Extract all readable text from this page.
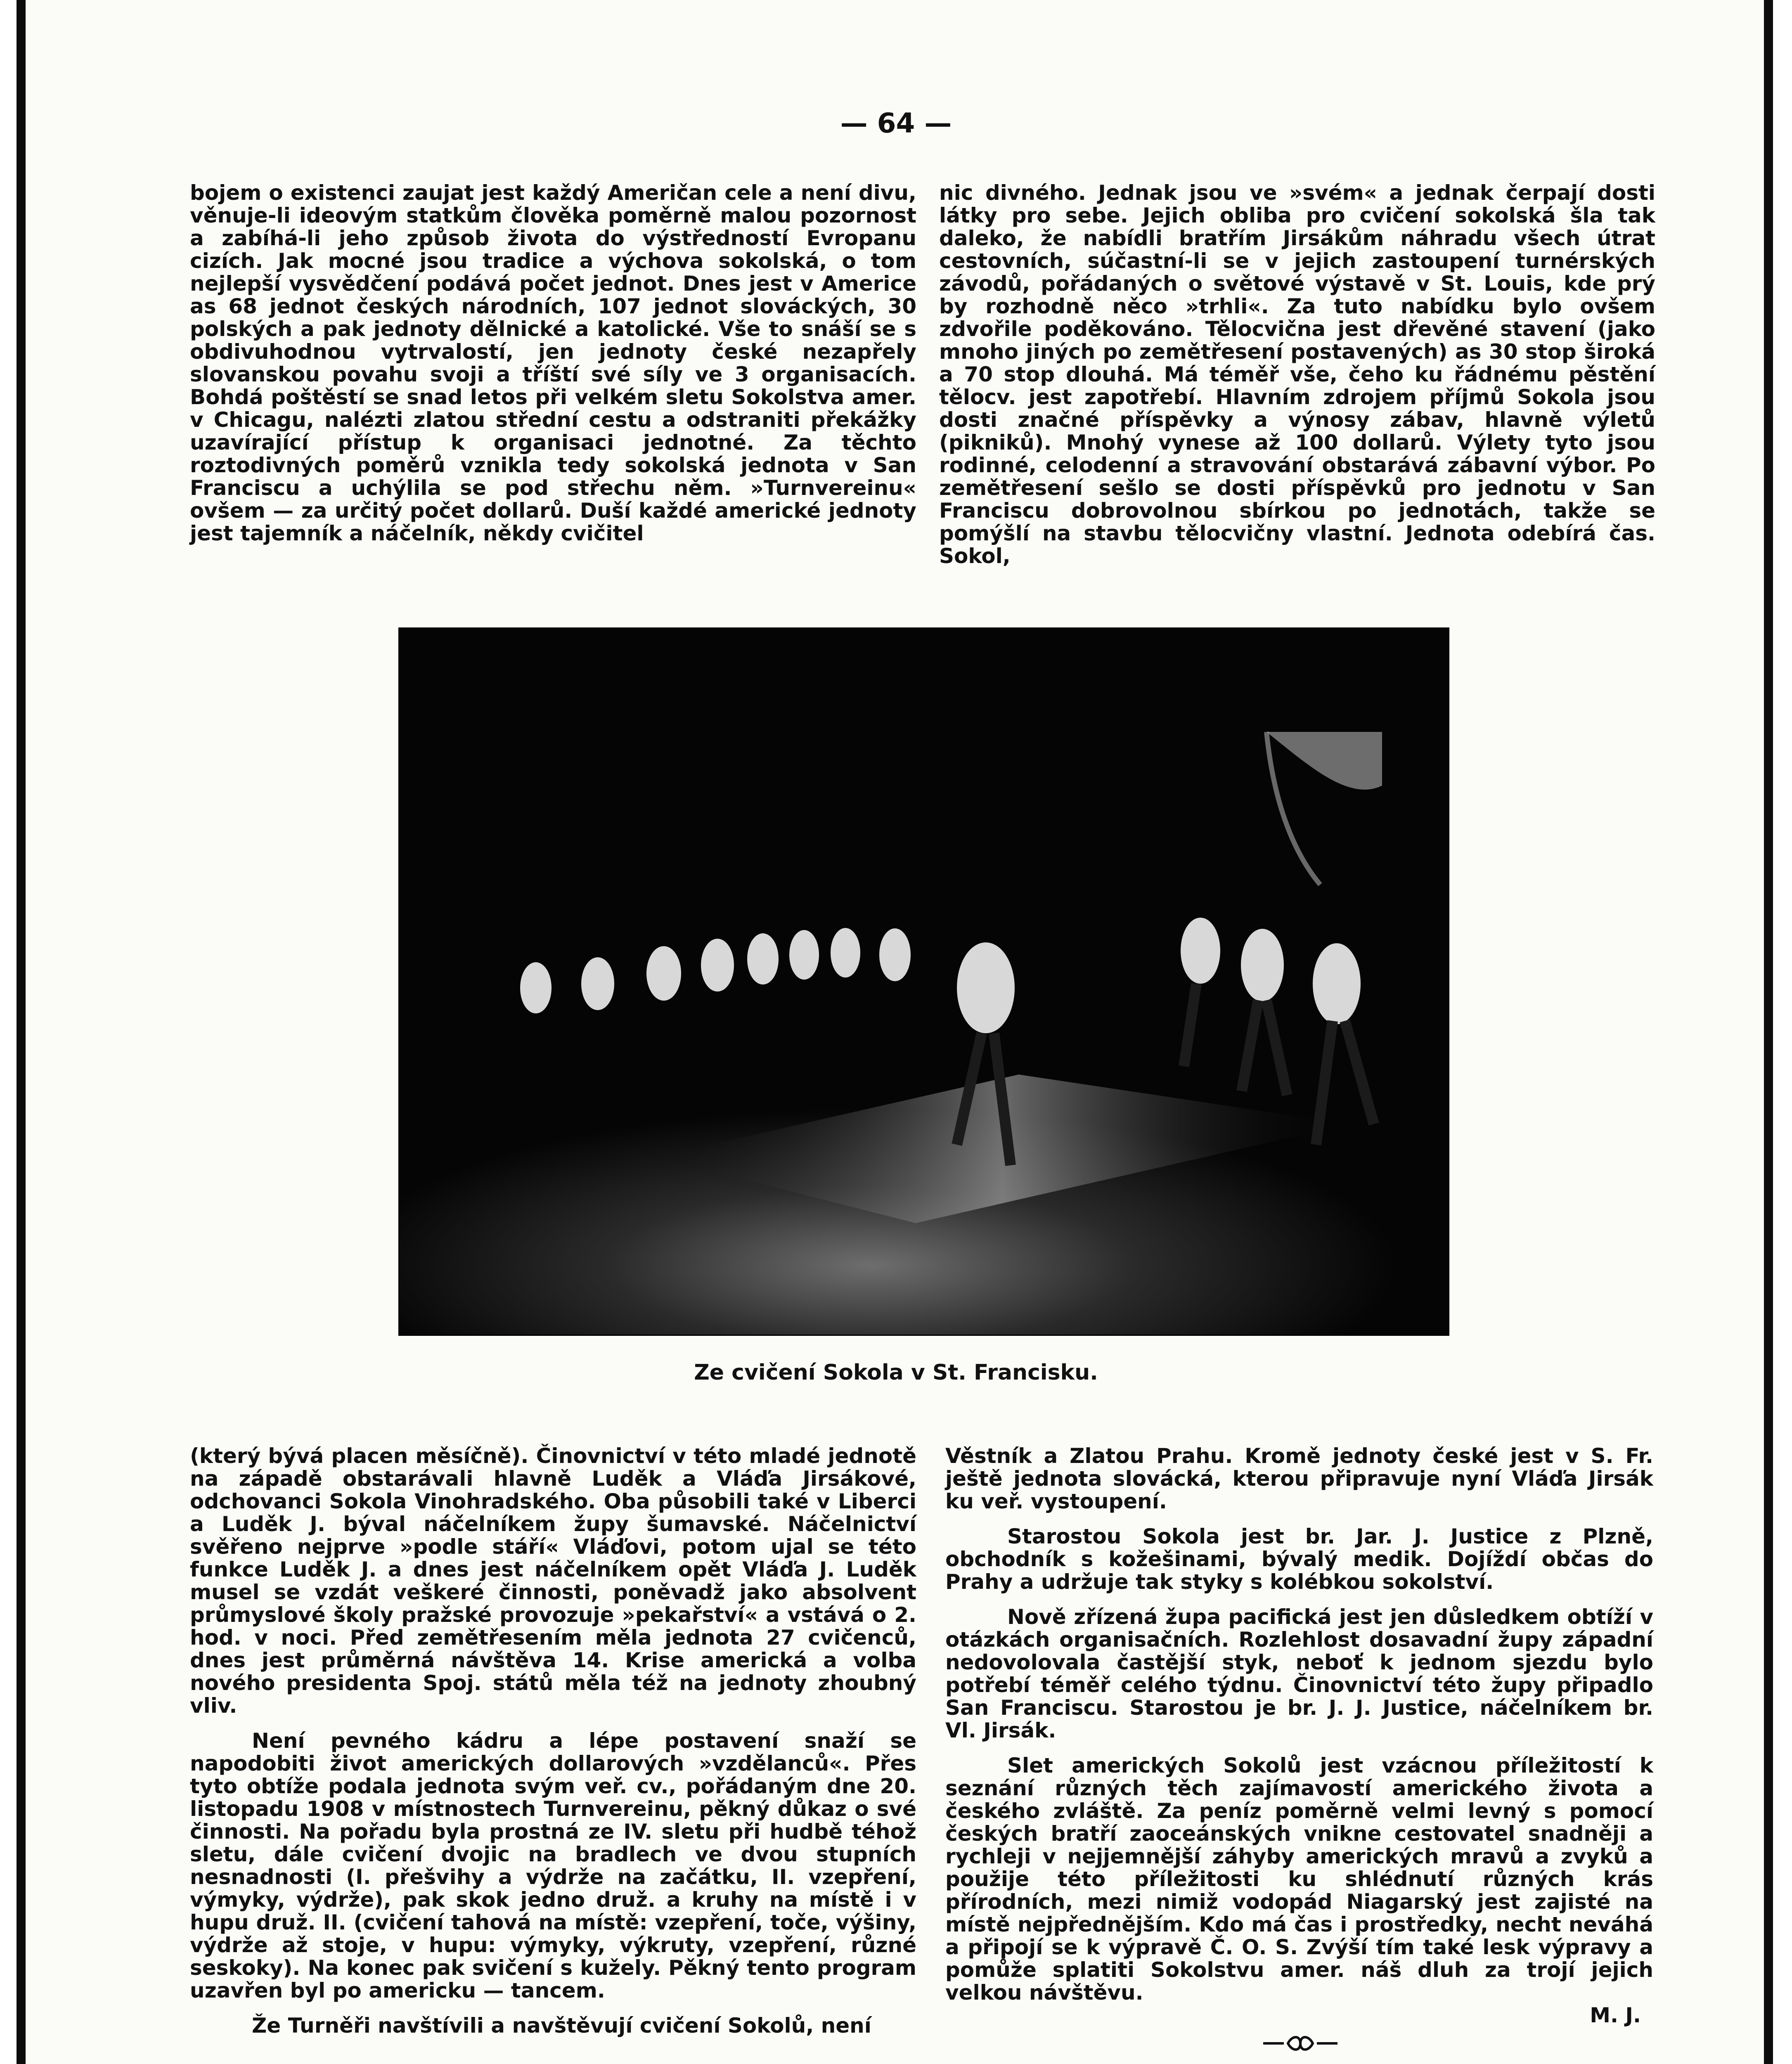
— 64 —

bojem o existenci zaujat jest každý Američan cele a není divu, věnuje-li ideovým statkům člověka poměrně malou pozornost a zabíhá-li jeho způsob života do výstředností Evropanu cizích. Jak mocné jsou tradice a výchova sokolská, o tom nejlepší vysvědčení podává počet jednot. Dnes jest v Americe as 68 jednot českých národních, 107 jednot slováckých, 30 polských a pak jednoty dělnické a katolické. Vše to snáší se s obdivuhodnou vytrvalostí, jen jednoty české nezapřely slovanskou povahu svoji a tříští své síly ve 3 organisacích. Bohdá poštěstí se snad letos při velkém sletu Sokolstva amer. v Chicagu, nalézti zlatou střední cestu a odstraniti překážky uzavírající přístup k organisaci jednotné. Za těchto roztodivných poměrů vznikla tedy sokolská jednota v San Franciscu a uchýlila se pod střechu něm. »Turnvereinu« ovšem — za určitý počet dollarů. Duší každé americké jednoty jest tajemník a náčelník, někdy cvičitel

nic divného. Jednak jsou ve »svém« a jednak čerpají dosti látky pro sebe. Jejich obliba pro cvičení sokolská šla tak daleko, že nabídli bratřím Jirsákům náhradu všech útrat cestovních, súčastní-li se v jejich zastoupení turnérských závodů, pořádaných o světové výstavě v St. Louis, kde prý by rozhodně něco »trhli«. Za tuto nabídku bylo ovšem zdvořile poděkováno. Tělocvična jest dřevěné stavení (jako mnoho jiných po zemětřesení postavených) as 30 stop široká a 70 stop dlouhá. Má téměř vše, čeho ku řádnému pěstění tělocv. jest zapotřebí. Hlavním zdrojem příjmů Sokola jsou dosti značné příspěvky a výnosy zábav, hlavně výletů (pikniků). Mnohý vynese až 100 dollarů. Výlety tyto jsou rodinné, celodenní a stravování obstarává zábavní výbor. Po zemětřesení sešlo se dosti příspěvků pro jednotu v San Franciscu dobrovolnou sbírkou po jednotách, takže se pomýšlí na stavbu tělocvičny vlastní. Jednota odebírá čas. Sokol,

Ze cvičení Sokola v St. Francisku.

(který bývá placen měsíčně). Činovnictví v této mladé jednotě na západě obstarávali hlavně Luděk a Vláďa Jirsákové, odchovanci Sokola Vinohradského. Oba působili také v Liberci a Luděk J. býval náčelníkem župy šumavské. Náčelnictví svěřeno nejprve »podle stáří« Vláďovi, potom ujal se této funkce Luděk J. a dnes jest náčelníkem opět Vláďa J. Luděk musel se vzdát veškeré činnosti, poněvadž jako absolvent průmyslové školy pražské provozuje »pekařství« a vstává o 2. hod. v noci. Před zemětřesením měla jednota 27 cvičenců, dnes jest průměrná návštěva 14. Krise americká a volba nového presidenta Spoj. států měla též na jednoty zhoubný vliv.

Není pevného kádru a lépe postavení snaží se napodobiti život amerických dollarových »vzdělanců«. Přes tyto obtíže podala jednota svým veř. cv., pořádaným dne 20. listopadu 1908 v místnostech Turnvereinu, pěkný důkaz o své činnosti. Na pořadu byla prostná ze IV. sletu při hudbě téhož sletu, dále cvičení dvojic na bradlech ve dvou stupních nesnadnosti (I. přešvihy a výdrže na začátku, II. vzepření, výmyky, výdrže), pak skok jedno druž. a kruhy na místě i v hupu druž. II. (cvičení tahová na místě: vzepření, toče, výšiny, výdrže až stoje, v hupu: výmyky, výkruty, vzepření, různé seskoky). Na konec pak svičení s kužely. Pěkný tento program uzavřen byl po americku — tancem.

Že Turněři navštívili a navštěvují cvičení Sokolů, není

Věstník a Zlatou Prahu. Kromě jednoty české jest v S. Fr. ještě jednota slovácká, kterou připravuje nyní Vláďa Jirsák ku veř. vystoupení.

Starostou Sokola jest br. Jar. J. Justice z Plzně, obchodník s kožešinami, bývalý medik. Dojíždí občas do Prahy a udržuje tak styky s kolébkou sokolství.

Nově zřízená župa pacifická jest jen důsledkem obtíží v otázkách organisačních. Rozlehlost dosavadní župy západní nedovolovala častější styk, neboť k jednom sjezdu bylo potřebí téměř celého týdnu. Činovnictví této župy připadlo San Franciscu. Starostou je br. J. J. Justice, náčelníkem br. Vl. Jirsák.

Slet amerických Sokolů jest vzácnou příležitostí k seznání různých těch zajímavostí amerického života a českého zvláště. Za peníz poměrně velmi levný s pomocí českých bratří zaoceánských vnikne cestovatel snadněji a rychleji v nejjemnější záhyby amerických mravů a zvyků a použije této příležitosti ku shlédnutí různých krás přírodních, mezi nimiž vodopád Niagarský jest zajisté na místě nejpřednějším. Kdo má čas i prostředky, necht neváhá a připojí se k výpravě Č. O. S. Zvýší tím také lesk výpravy a pomůže splatiti Sokolstvu amer. náš dluh za trojí jejich velkou návštěvu.

M. J.
